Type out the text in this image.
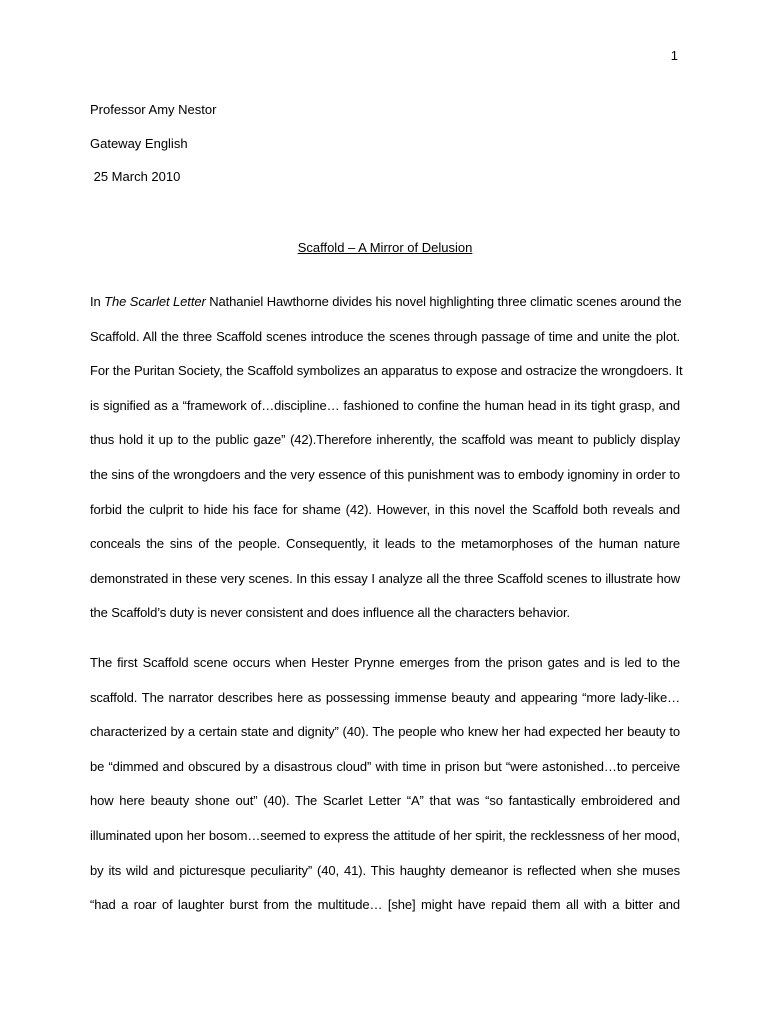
1
Professor Amy Nestor
Gateway English
25 March 2010
Scaffold – A Mirror of Delusion
In The Scarlet Letter Nathaniel Hawthorne divides his novel highlighting three climatic scenes around the
Scaffold. All the three Scaffold scenes introduce the scenes through passage of time and unite the plot.
For the Puritan Society, the Scaffold symbolizes an apparatus to expose and ostracize the wrongdoers. It
is signified as a “framework of…discipline… fashioned to confine the human head in its tight grasp, and
thus hold it up to the public gaze” (42).Therefore inherently, the scaffold was meant to publicly display
the sins of the wrongdoers and the very essence of this punishment was to embody ignominy in order to
forbid the culprit to hide his face for shame (42). However, in this novel the Scaffold both reveals and
conceals the sins of the people. Consequently, it leads to the metamorphoses of the human nature
demonstrated in these very scenes. In this essay I analyze all the three Scaffold scenes to illustrate how
the Scaffold’s duty is never consistent and does influence all the characters behavior.
The first Scaffold scene occurs when Hester Prynne emerges from the prison gates and is led to the
scaffold. The narrator describes here as possessing immense beauty and appearing “more lady-like…
characterized by a certain state and dignity” (40). The people who knew her had expected her beauty to
be “dimmed and obscured by a disastrous cloud” with time in prison but “were astonished…to perceive
how here beauty shone out” (40). The Scarlet Letter “A” that was “so fantastically embroidered and
illuminated upon her bosom…seemed to express the attitude of her spirit, the recklessness of her mood,
by its wild and picturesque peculiarity” (40, 41). This haughty demeanor is reflected when she muses
“had a roar of laughter burst from the multitude… [she] might have repaid them all with a bitter and
